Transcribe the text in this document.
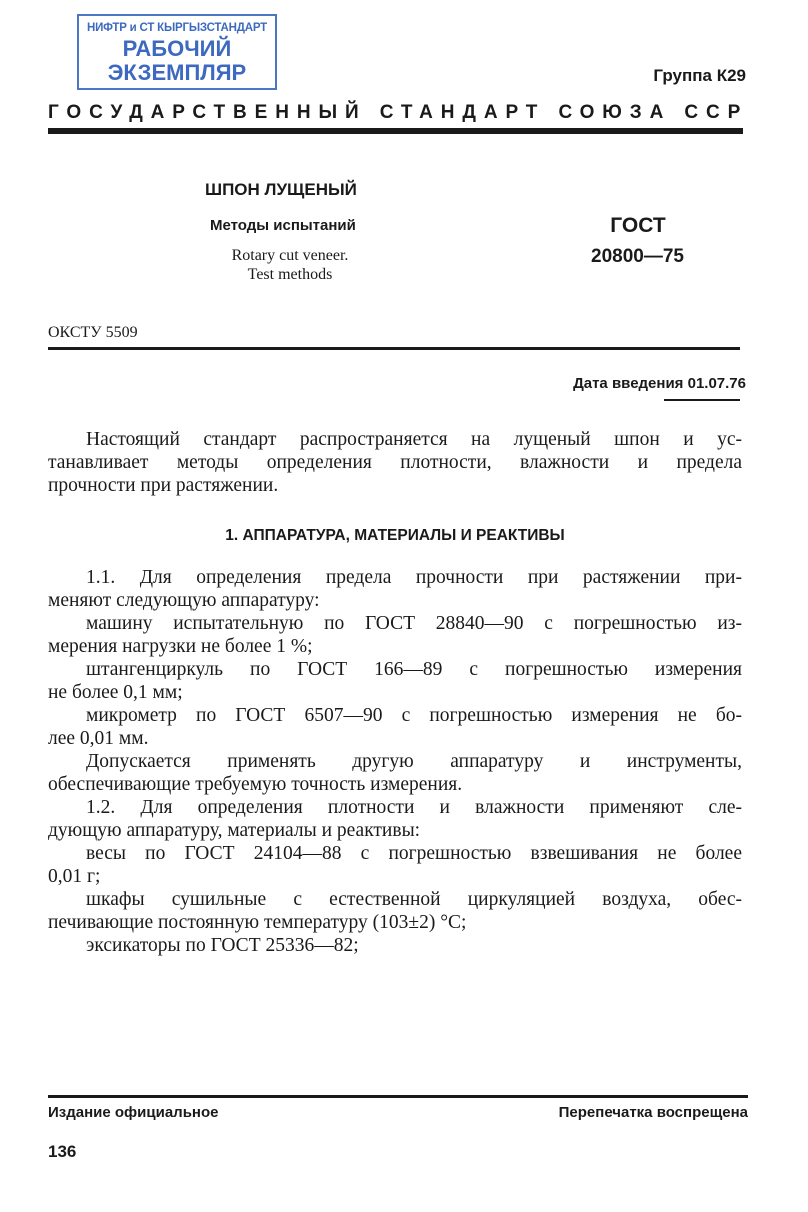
НИФТР и СТ КЫРГЫЗСТАНДАРТ
РАБОЧИЙ
ЭКЗЕМПЛЯР	Группа К29
ГОСУДАРСТВЕННЫЙ СТАНДАРТ СОЮЗА ССР
ШПОН ЛУЩЕНЫЙ
Методы испытаний
Rotary cut veneer.
Test methods
ГОСТ
20800—75
ОКСТУ 5509
Дата введения 01.07.76
Настоящий стандарт распространяется на лущеный шпон и ус-
танавливает методы определения плотности, влажности и предела
прочности при растяжении.
1. АППАРАТУРА, МАТЕРИАЛЫ И РЕАКТИВЫ
1.1. Для определения предела прочности при растяжении при-
меняют следующую аппаратуру:
машину испытательную по ГОСТ 28840—90 с погрешностью из-
мерения нагрузки не более 1 %;
штангенциркуль по ГОСТ 166—89 с погрешностью измерения
не более 0,1 мм;
микрометр по ГОСТ 6507—90 с погрешностью измерения не бо-
лее 0,01 мм.
Допускается применять другую аппаратуру и инструменты,
обеспечивающие требуемую точность измерения.
1.2. Для определения плотности и влажности применяют сле-
дующую аппаратуру, материалы и реактивы:
весы по ГОСТ 24104—88 с погрешностью взвешивания не более
0,01 г;
шкафы сушильные с естественной циркуляцией воздуха, обес-
печивающие постоянную температуру (103±2) °С;
эксикаторы по ГОСТ 25336—82;
Издание официальное	Перепечатка воспрещена
136
